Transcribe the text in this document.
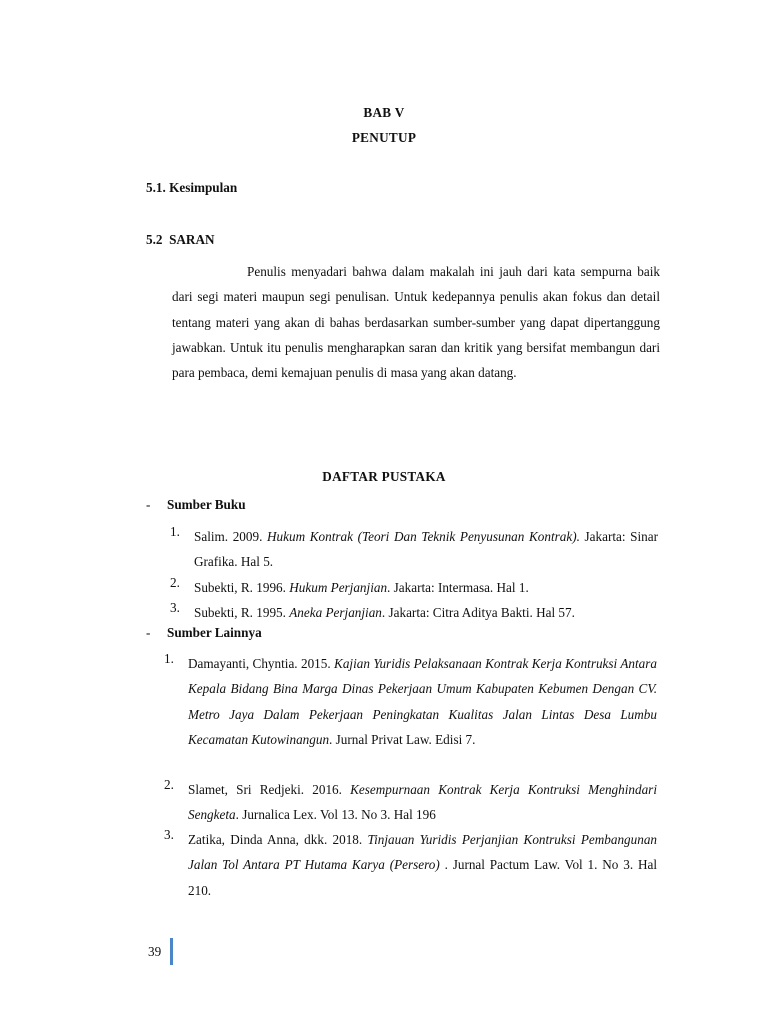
BAB V
PENUTUP
5.1. Kesimpulan
5.2  SARAN

Penulis menyadari bahwa dalam makalah ini jauh dari kata sempurna baik dari segi materi maupun segi penulisan. Untuk kedepannya penulis akan fokus dan detail tentang materi yang akan di bahas berdasarkan sumber-sumber yang dapat dipertanggung jawabkan. Untuk itu penulis mengharapkan saran dan kritik yang bersifat membangun dari para pembaca, demi kemajuan penulis di masa yang akan datang.

DAFTAR PUSTAKA
- Sumber Buku
1. Salim. 2009. Hukum Kontrak (Teori Dan Teknik Penyusunan Kontrak). Jakarta: Sinar Grafika. Hal 5.

2. Subekti, R. 1996. Hukum Perjanjian. Jakarta: Intermasa. Hal 1.

3. Subekti, R. 1995. Aneka Perjanjian. Jakarta: Citra Aditya Bakti. Hal 57.

- Sumber Lainnya
1. Damayanti, Chyntia. 2015. Kajian Yuridis Pelaksanaan Kontrak Kerja Kontruksi Antara Kepala Bidang Bina Marga Dinas Pekerjaan Umum Kabupaten Kebumen Dengan CV. Metro Jaya Dalam Pekerjaan Peningkatan Kualitas Jalan Lintas Desa Lumbu Kecamatan Kutowinangun. Jurnal Privat Law. Edisi 7.

2. Slamet, Sri Redjeki. 2016. Kesempurnaan Kontrak Kerja Kontruksi Menghindari Sengketa. Jurnalica Lex. Vol 13. No 3. Hal 196

3. Zatika, Dinda Anna, dkk. 2018. Tinjauan Yuridis Perjanjian Kontruksi Pembangunan Jalan Tol Antara PT Hutama Karya (Persero) . Jurnal Pactum Law. Vol 1. No 3. Hal 210.

39
